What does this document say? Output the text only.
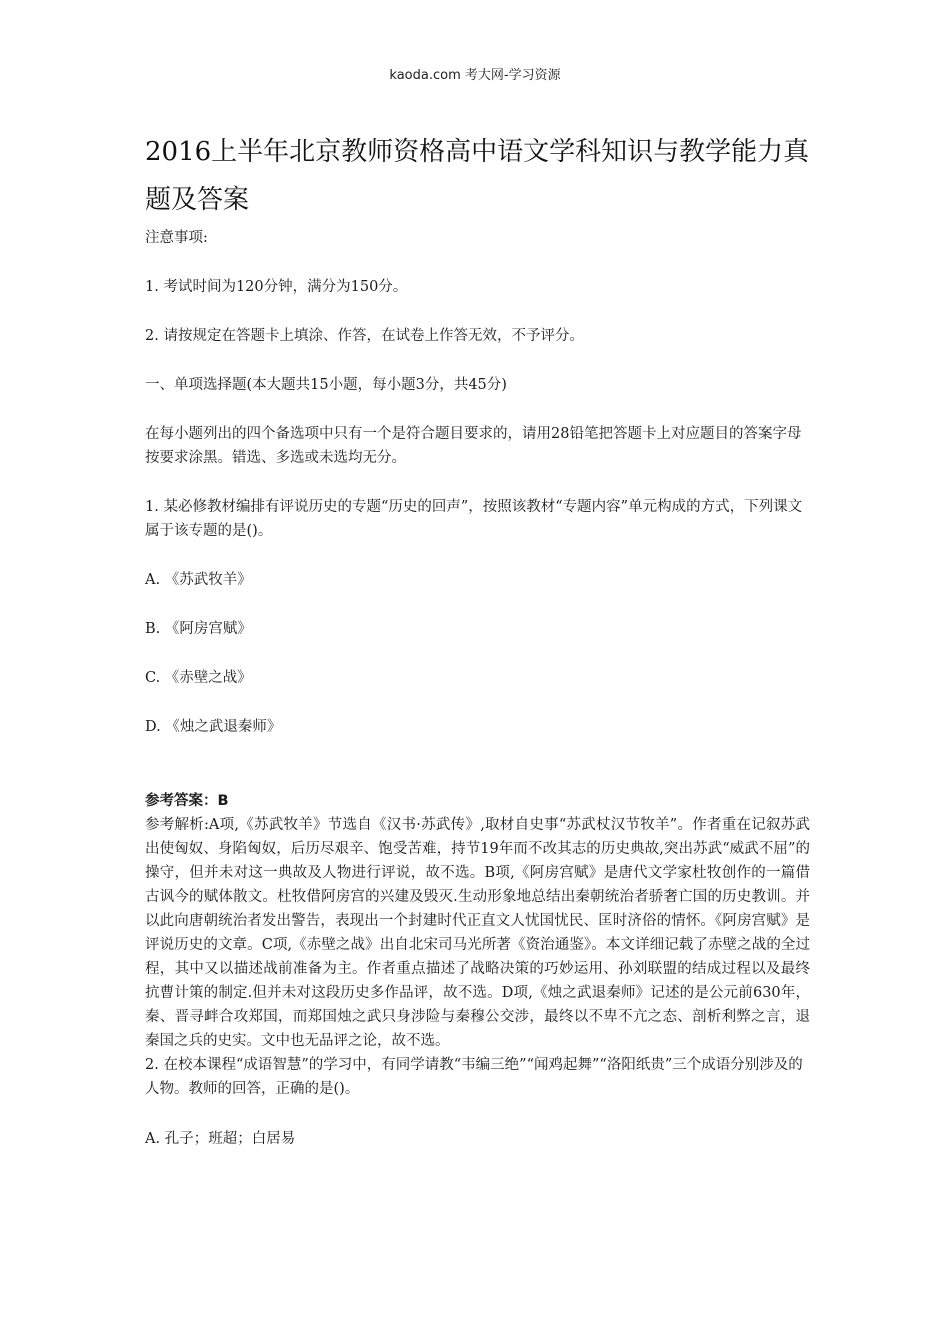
kaoda.com 考大网-学习资源
2016上半年北京教师资格高中语文学科知识与教学能力真题及答案

注意事项:

1. 考试时间为120分钟，满分为150分。

2. 请按规定在答题卡上填涂、作答，在试卷上作答无效，不予评分。

一、单项选择题(本大题共15小题，每小题3分，共45分)

在每小题列出的四个备选项中只有一个是符合题目要求的，请用28铅笔把答题卡上对应题目的答案字母按要求涂黑。错选、多选或未选均无分。

1. 某必修教材编排有评说历史的专题“历史的回声”，按照该教材“专题内容”单元构成的方式，下列课文属于该专题的是()。

A. 《苏武牧羊》

B. 《阿房宫赋》

C. 《赤壁之战》

D. 《烛之武退秦师》

参考答案：B

参考解析:A项,《苏武牧羊》节选自《汉书·苏武传》,取材自史事“苏武杖汉节牧羊”。作者重在记叙苏武出使匈奴、身陷匈奴，后历尽艰辛、饱受苦难，持节19年而不改其志的历史典故,突出苏武“威武不屈”的操守，但并未对这一典故及人物进行评说，故不选。B项,《阿房宫赋》是唐代文学家杜牧创作的一篇借古讽今的赋体散文。杜牧借阿房宫的兴建及毁灭.生动形象地总结出秦朝统治者骄奢亡国的历史教训。并以此向唐朝统治者发出警告，表现出一个封建时代正直文人忧国忧民、匡时济俗的情怀。《阿房宫赋》是评说历史的文章。C项,《赤壁之战》出自北宋司马光所著《资治通鉴》。本文详细记载了赤壁之战的全过程，其中又以描述战前准备为主。作者重点描述了战略决策的巧妙运用、孙刘联盟的结成过程以及最终抗曹计策的制定.但并未对这段历史多作品评，故不选。D项,《烛之武退秦师》记述的是公元前630年，秦、晋寻衅合攻郑国，而郑国烛之武只身涉险与秦穆公交涉，最终以不卑不亢之态、剖析利弊之言，退秦国之兵的史实。文中也无品评之论，故不选。

2. 在校本课程“成语智慧”的学习中，有同学请教“韦编三绝”“闻鸡起舞”“洛阳纸贵”三个成语分别涉及的人物。教师的回答，正确的是()。

A. 孔子；班超；白居易
